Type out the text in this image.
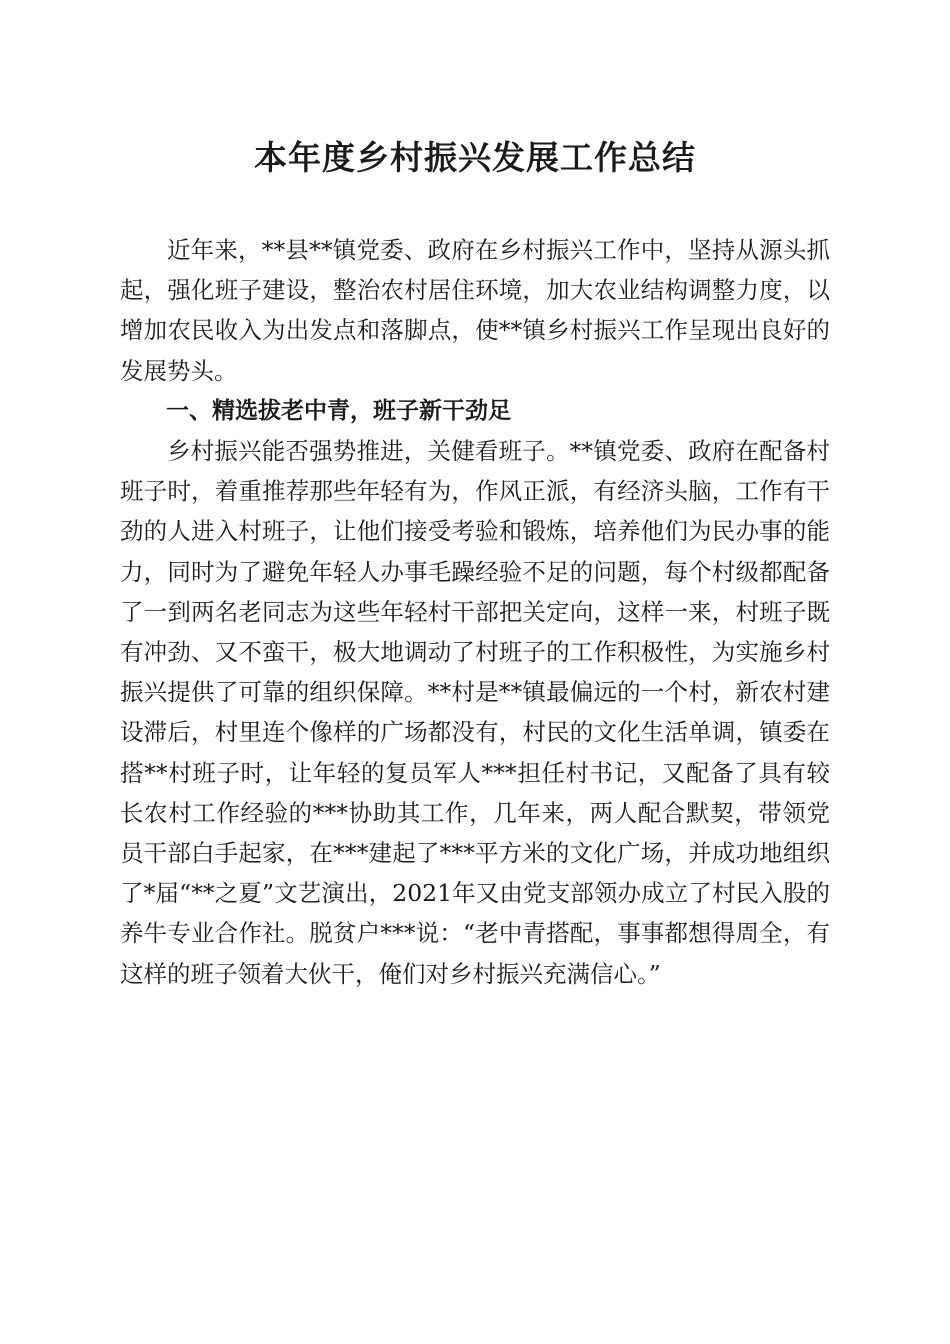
本年度乡村振兴发展工作总结

近年来，**县**镇党委、政府在乡村振兴工作中，坚持从源头抓起，强化班子建设，整治农村居住环境，加大农业结构调整力度，以增加农民收入为出发点和落脚点，使**镇乡村振兴工作呈现出良好的发展势头。

一、精选拔老中青，班子新干劲足

乡村振兴能否强势推进，关健看班子。**镇党委、政府在配备村班子时，着重推荐那些年轻有为，作风正派，有经济头脑，工作有干劲的人进入村班子，让他们接受考验和锻炼，培养他们为民办事的能力，同时为了避免年轻人办事毛躁经验不足的问题，每个村级都配备了一到两名老同志为这些年轻村干部把关定向，这样一来，村班子既有冲劲、又不蛮干，极大地调动了村班子的工作积极性，为实施乡村振兴提供了可靠的组织保障。**村是**镇最偏远的一个村，新农村建设滞后，村里连个像样的广场都没有，村民的文化生活单调，镇委在搭**村班子时，让年轻的复员军人***担任村书记，又配备了具有较长农村工作经验的***协助其工作，几年来，两人配合默契，带领党员干部白手起家，在***建起了***平方米的文化广场，并成功地组织了*届“**之夏”文艺演出，2021年又由党支部领办成立了村民入股的养牛专业合作社。脱贫户***说：“老中青搭配，事事都想得周全，有这样的班子领着大伙干，俺们对乡村振兴充满信心。”
